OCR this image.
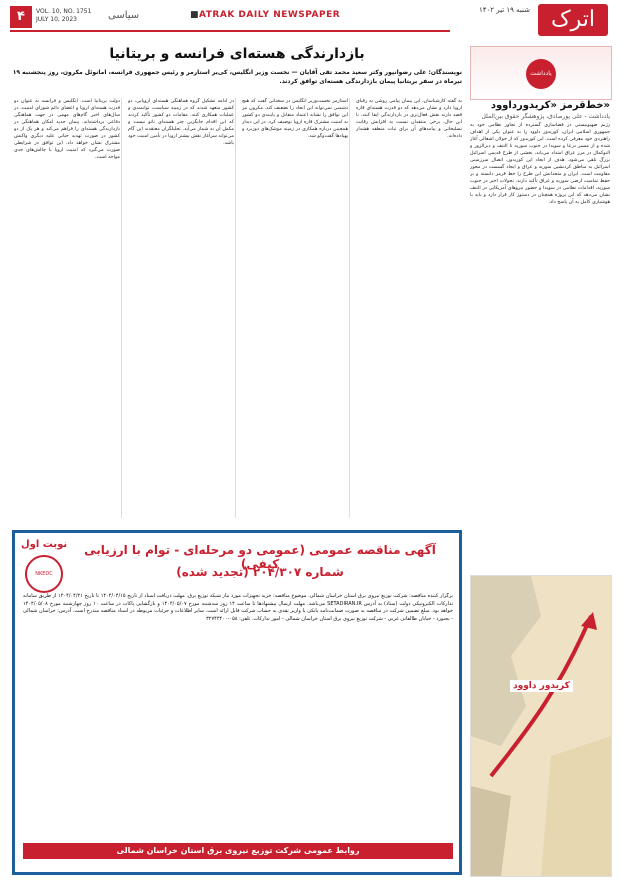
۴	VOL. 10, NO. 1751
JULY 10, 2023	سیاسی	■ATRAK DAILY NEWSPAPER	شنبه ۱۹ تیر ۱۴۰۲ اترک
یادداشت
خط‌قرمز «کریدورداوود»
یادداشت - علی پورصادق، پژوهشگر حقوق بین‌الملل
رژیم صهیونیستی در فضاسازی گسترده از تجاوز نظامی خود به جمهوری اسلامی ایران، کوریدور داوود را به عنوان یکی از اهداف راهبردی خود معرفی کرده است. این کوریدور که از جولان اشغالی آغاز شده و از مسیر درعا و سویدا در جنوب سوریه تا التنف و دیرالزور و البوکمال در مرز عراق امتداد می‌یابد، بخشی از طرح قدیمی اسرائیل بزرگ تلقی می‌شود. هدف از ایجاد این کوریدور، اتصال سرزمینی اسرائیل به مناطق کردنشین سوریه و عراق و ایجاد گسست در محور مقاومت است. ایران و متحدانش این طرح را خط قرمز دانسته و بر حفظ تمامیت ارضی سوریه و عراق تأکید دارند. تحولات اخیر در جنوب سوریه، اقدامات نظامی در سویدا و حضور نیروهای آمریکایی در التنف نشان می‌دهد که این پروژه همچنان در دستور کار قرار دارد و باید با هوشیاری کامل به آن پاسخ داد.
کریدور داوود
بازدارندگی هسته‌ای فرانسه و بریتانیا
نویسندگان: علی رضوانپور وکتر سعید محمد تقی آقایان — نخست وزیر انگلیس، کی‌یر استارمر و رئیس جمهوری فرانسه، امانوئل مکرون، روز پنجشنبه ۱۹ تیرماه در سفر بریتانیا پیمان بازدارندگی هسته‌ای توافق کردند.
به گفته کارشناسان، این پیمان پیامی روشن به رقبای اروپا دارد و نشان می‌دهد که دو قدرت هسته‌ای قاره قصد دارند نقش فعال‌تری در بازدارندگی ایفا کنند. با این حال، برخی منتقدان نسبت به افزایش رقابت تسلیحاتی و پیامدهای آن برای ثبات منطقه هشدار داده‌اند.
استارمر نخست‌وزیر انگلیس در سخنانی گفت که هیچ دشمنی نمی‌تواند این اتحاد را تضعیف کند. مکرون نیز این توافق را نشانه اعتماد متقابل و پایبندی دو کشور به امنیت مشترک قاره اروپا توصیف کرد. در این دیدار همچنین درباره همکاری در زمینه موشک‌های دوربرد و پهپادها گفت‌وگو شد.
در ادامه تشکیل گروه هماهنگی هسته‌ای اروپایی، دو کشور متعهد شدند که در زمینه سیاست، توانمندی و عملیات همکاری کنند. مقامات دو کشور تأکید کردند که این اقدام جایگزین چتر هسته‌ای ناتو نیست و مکمل آن به شمار می‌آید. تحلیلگران معتقدند این گام می‌تواند سرآغاز نقش بیشتر اروپا در تأمین امنیت خود باشد.
دولت بریتانیا است. انگلیس و فرانسه به عنوان دو قدرت هسته‌ای اروپا و اعضای دائم شورای امنیت، در سال‌های اخیر گام‌های مهمی در جهت هماهنگی دفاعی برداشته‌اند. پیمان جدید امکان هماهنگی در بازدارندگی هسته‌ای را فراهم می‌کند و هر یک از دو کشور در صورت تهدید حیاتی علیه دیگری واکنش مشترک نشان خواهد داد. این توافق در شرایطی صورت می‌گیرد که امنیت اروپا با چالش‌های جدی مواجه است.
نوبت اول
NKEDC
آگهی مناقصه عمومی (عمومی دو مرحله‌ای - توام با ارزیابی کیفی)
شماره ۲۰۴/۳۰۷ (تجدید شده)
برگزار کننده مناقصه: شرکت توزیع نیروی برق استان خراسان شمالی. موضوع مناقصه: خرید تجهیزات مورد نیاز شبکه توزیع برق. مهلت دریافت اسناد از تاریخ ۱۴۰۴/۰۴/۱۵ تا تاریخ ۱۴۰۴/۰۴/۲۱ از طریق سامانه تدارکات الکترونیکی دولت (ستاد) به آدرس SETADIRAN.IR می‌باشد. مهلت ارسال پیشنهادها تا ساعت ۱۴ روز سه‌شنبه مورخ ۱۴۰۴/۰۵/۰۷ و بازگشایی پاکات در ساعت ۱۰ روز چهارشنبه مورخ ۱۴۰۴/۰۵/۰۸ خواهد بود. مبلغ تضمین شرکت در مناقصه به صورت ضمانت‌نامه بانکی یا واریز نقدی به حساب شرکت قابل ارائه است. سایر اطلاعات و جزئیات مربوطه در اسناد مناقصه مندرج است. آدرس: خراسان شمالی - بجنورد - خیابان طالقانی غربی - شرکت توزیع نیروی برق استان خراسان شمالی - امور تدارکات. تلفن: ۰۵۸-۳۲۷۴۴۴۰۰
روابط عمومی شرکت توزیع نیروی برق استان خراسان شمالی
